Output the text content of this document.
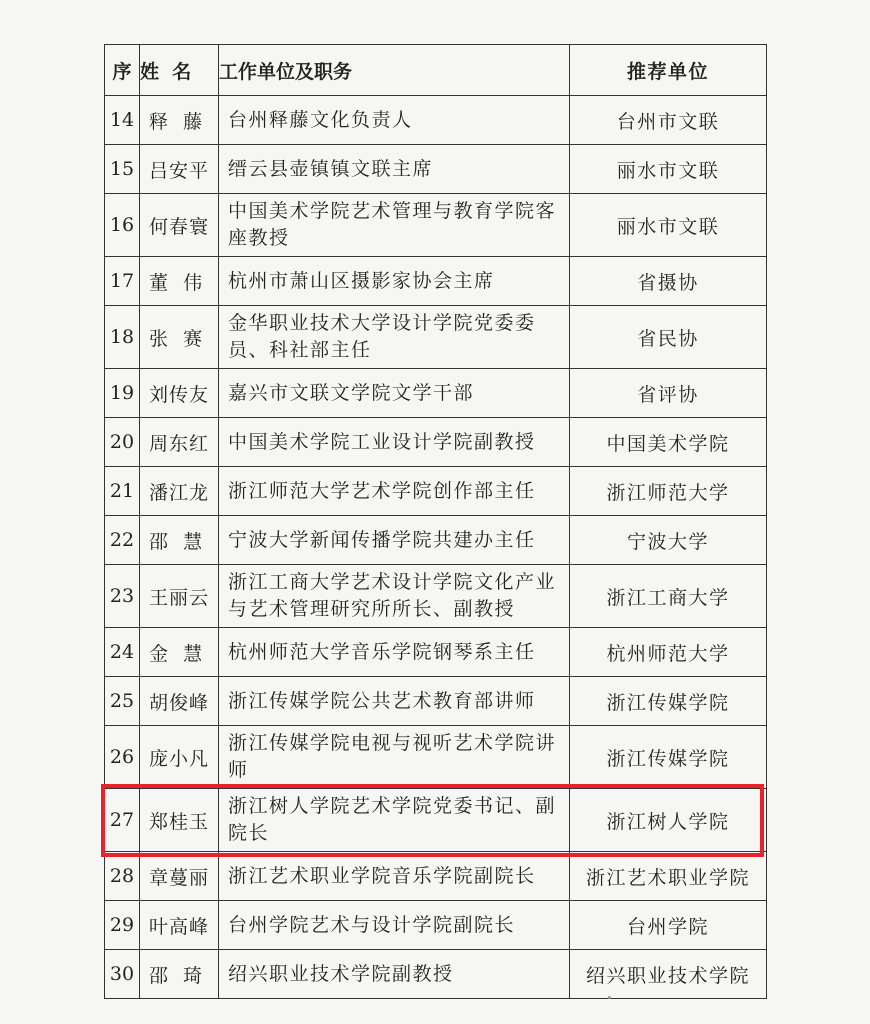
序	姓  名	工作单位及职务	推荐单位
14	释  藤	台州释藤文化负责人	台州市文联
15	吕安平	缙云县壶镇镇文联主席	丽水市文联
16	何春寰	中国美术学院艺术管理与教育学院客座教授	丽水市文联
17	董  伟	杭州市萧山区摄影家协会主席	省摄协
18	张  赛	金华职业技术大学设计学院党委委员、科社部主任	省民协
19	刘传友	嘉兴市文联文学院文学干部	省评协
20	周东红	中国美术学院工业设计学院副教授	中国美术学院
21	潘江龙	浙江师范大学艺术学院创作部主任	浙江师范大学
22	邵  慧	宁波大学新闻传播学院共建办主任	宁波大学
23	王丽云	浙江工商大学艺术设计学院文化产业与艺术管理研究所所长、副教授	浙江工商大学
24	金  慧	杭州师范大学音乐学院钢琴系主任	杭州师范大学
25	胡俊峰	浙江传媒学院公共艺术教育部讲师	浙江传媒学院
26	庞小凡	浙江传媒学院电视与视听艺术学院讲师	浙江传媒学院
27	郑桂玉	浙江树人学院艺术学院党委书记、副院长	浙江树人学院
28	章蔓丽	浙江艺术职业学院音乐学院副院长	浙江艺术职业学院
29	叶高峰	台州学院艺术与设计学院副院长	台州学院
30	邵  琦	绍兴职业技术学院副教授	绍兴职业技术学院
